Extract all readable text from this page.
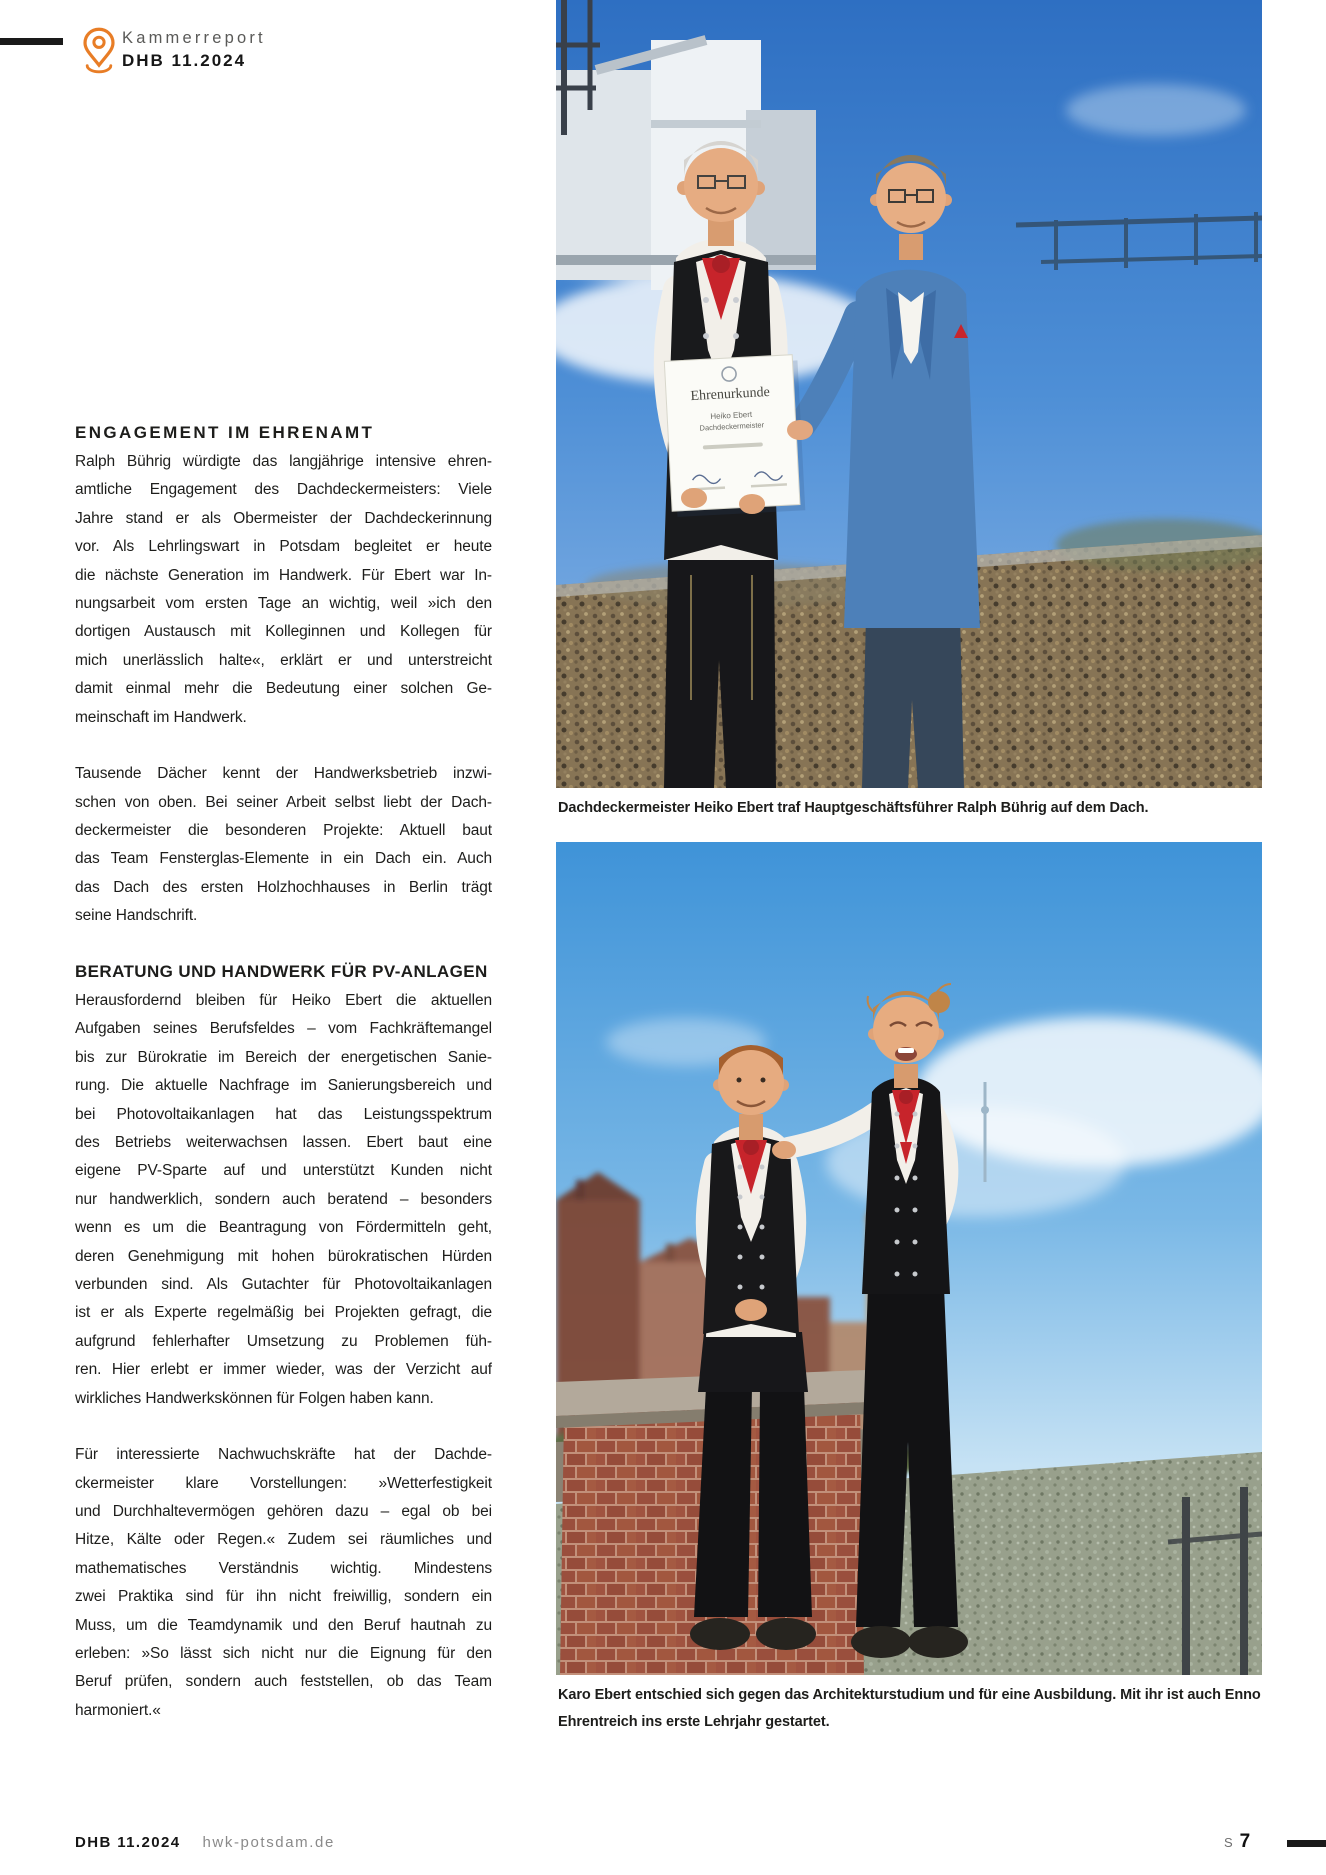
Kammerreport
DHB 11.2024
ENGAGEMENT IM EHRENAMT
Ralph Bührig würdigte das langjährige intensive ehren-
amtliche Engagement des Dachdeckermeisters: Viele
Jahre stand er als Obermeister der Dachdeckerinnung
vor. Als Lehrlingswart in Potsdam begleitet er heute
die nächste Generation im Handwerk. Für Ebert war In-
nungsarbeit vom ersten Tage an wichtig, weil »ich den
dortigen Austausch mit Kolleginnen und Kollegen für
mich unerlässlich halte«, erklärt er und unterstreicht
damit einmal mehr die Bedeutung einer solchen Ge-
meinschaft im Handwerk.
Tausende Dächer kennt der Handwerksbetrieb inzwi-
schen von oben. Bei seiner Arbeit selbst liebt der Dach-
deckermeister die besonderen Projekte: Aktuell baut
das Team Fensterglas-Elemente in ein Dach ein. Auch
das Dach des ersten Holzhochhauses in Berlin trägt
seine Handschrift.
BERATUNG UND HANDWERK FÜR PV-ANLAGEN
Herausfordernd bleiben für Heiko Ebert die aktuellen
Aufgaben seines Berufsfeldes – vom Fachkräftemangel
bis zur Bürokratie im Bereich der energetischen Sanie-
rung. Die aktuelle Nachfrage im Sanierungsbereich und
bei Photovoltaikanlagen hat das Leistungsspektrum
des Betriebs weiterwachsen lassen. Ebert baut eine
eigene PV-Sparte auf und unterstützt Kunden nicht
nur handwerklich, sondern auch beratend – besonders
wenn es um die Beantragung von Fördermitteln geht,
deren Genehmigung mit hohen bürokratischen Hürden
verbunden sind. Als Gutachter für Photovoltaikanlagen
ist er als Experte regelmäßig bei Projekten gefragt, die
aufgrund fehlerhafter Umsetzung zu Problemen füh-
ren. Hier erlebt er immer wieder, was der Verzicht auf
wirkliches Handwerkskönnen für Folgen haben kann.
Für interessierte Nachwuchskräfte hat der Dachde-
ckermeister klare Vorstellungen: »Wetterfestigkeit
und Durchhaltevermögen gehören dazu – egal ob bei
Hitze, Kälte oder Regen.« Zudem sei räumliches und
mathematisches Verständnis wichtig. Mindestens
zwei Praktika sind für ihn nicht freiwillig, sondern ein
Muss, um die Teamdynamik und den Beruf hautnah zu
erleben: »So lässt sich nicht nur die Eignung für den
Beruf prüfen, sondern auch feststellen, ob das Team
harmoniert.«
Ehrenurkunde
Heiko Ebert
Dachdeckermeister
Dachdeckermeister Heiko Ebert traf Hauptgeschäftsführer Ralph Bührig auf dem Dach.
Karo Ebert entschied sich gegen das Architekturstudium und für eine Ausbildung. Mit ihr ist auch Enno Ehrentreich ins erste Lehrjahr gestartet.
DHB 11.2024 hwk-potsdam.de	S 7
